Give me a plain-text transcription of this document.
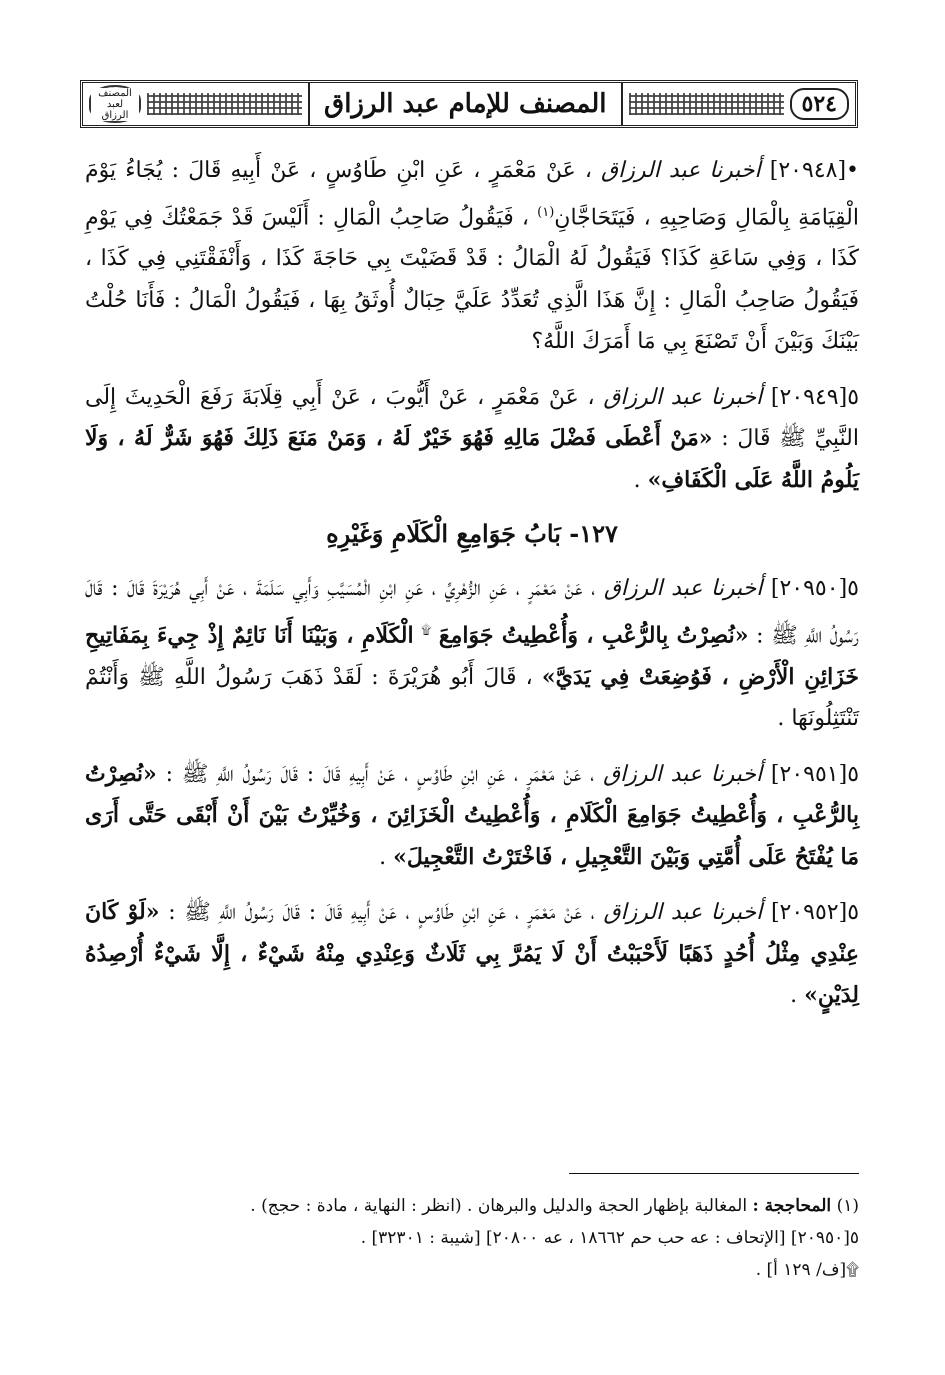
المصنف لعبد الرزاق	المصنف للإمام عبد الرزاق	٥٢٤

•[٢٠٩٤٨] أخبرنا عبد الرزاق ، عَنْ مَعْمَرٍ ، عَنِ ابْنِ طَاوُسٍ ، عَنْ أَبِيهِ قَالَ : يُجَاءُ يَوْمَ الْقِيَامَةِ بِالْمَالِ وَصَاحِبِهِ ، فَيَتَحَاجَّانِ$^{(١)}$ ، فَيَقُولُ صَاحِبُ الْمَالِ : أَلَيْسَ قَدْ جَمَعْتُكَ فِي يَوْمِ كَذَا ، وَفِي سَاعَةِ كَذَا؟ فَيَقُولُ لَهُ الْمَالُ : قَدْ قَضَيْتَ بِي حَاجَةَ كَذَا ، وَأَنْفَقْتَنِي فِي كَذَا ، فَيَقُولُ صَاحِبُ الْمَالِ : إِنَّ هَذَا الَّذِي تُعَدِّدُ عَلَيَّ حِبَالٌ أُوثَقُ بِهَا ، فَيَقُولُ الْمَالُ : فَأَنَا حُلْتُ بَيْنَكَ وَبَيْنَ أَنْ تَصْنَعَ بِي مَا أَمَرَكَ اللَّهُ؟

٥[٢٠٩٤٩] أخبرنا عبد الرزاق ، عَنْ مَعْمَرٍ ، عَنْ أَيُّوبَ ، عَنْ أَبِي قِلَابَةَ رَفَعَ الْحَدِيثَ إِلَى النَّبِيِّ ﷺ قَالَ : «مَنْ أَعْطَى فَضْلَ مَالِهِ فَهُوَ خَيْرٌ لَهُ ، وَمَنْ مَنَعَ ذَلِكَ فَهُوَ شَرٌّ لَهُ ، وَلَا يَلُومُ اللَّهُ عَلَى الْكَفَافِ» .

١٢٧- بَابُ جَوَامِعِ الْكَلَامِ وَغَيْرِهِ

٥[٢٠٩٥٠] أخبرنا عبد الرزاق ، عَنْ مَعْمَرٍ ، عَنِ الزُّهْرِيِّ ، عَنِ ابْنِ الْمُسَيَّبِ وَأَبِي سَلَمَةَ ، عَنْ أَبِي هُرَيْرَةَ قَالَ : قَالَ رَسُولُ اللَّهِ ﷺ : «نُصِرْتُ بِالرُّعْبِ ، وَأُعْطِيتُ جَوَامِعَ ۩ الْكَلَامِ ، وَبَيْنَا أَنَا نَائِمٌ إِذْ جِيءَ بِمَفَاتِيحِ خَزَائِنِ الْأَرْضِ ، فَوُضِعَتْ فِي يَدَيَّ» ، قَالَ أَبُو هُرَيْرَةَ : لَقَدْ ذَهَبَ رَسُولُ اللَّهِ ﷺ وَأَنْتُمْ تَنْتَثِلُونَهَا .

٥[٢٠٩٥١] أخبرنا عبد الرزاق ، عَنْ مَعْمَرٍ ، عَنِ ابْنِ طَاوُسٍ ، عَنْ أَبِيهِ قَالَ : قَالَ رَسُولُ اللَّهِ ﷺ : «نُصِرْتُ بِالرُّعْبِ ، وَأُعْطِيتُ جَوَامِعَ الْكَلَامِ ، وَأُعْطِيتُ الْخَزَائِنَ ، وَخُيِّرْتُ بَيْنَ أَنْ أَبْقَى حَتَّى أَرَى مَا يُفْتَحُ عَلَى أُمَّتِي وَبَيْنَ التَّعْجِيلِ ، فَاخْتَرْتُ التَّعْجِيلَ» .

٥[٢٠٩٥٢] أخبرنا عبد الرزاق ، عَنْ مَعْمَرٍ ، عَنِ ابْنِ طَاوُسٍ ، عَنْ أَبِيهِ قَالَ : قَالَ رَسُولُ اللَّهِ ﷺ : «لَوْ كَانَ عِنْدِي مِثْلُ أُحُدٍ ذَهَبًا لَأَحْبَبْتُ أَنْ لَا يَمُرَّ بِي ثَلَاثٌ وَعِنْدِي مِنْهُ شَيْءٌ ، إِلَّا شَيْءٌ أُرْصِدُهُ لِدَيْنٍ» .

(١) المحاججة : المغالبة بإظهار الحجة والدليل والبرهان . (انظر : النهاية ، مادة : حجج) .
٥[٢٠٩٥٠] [الإتحاف : عه حب حم ١٨٦٦٢ ، عه ٢٠٨٠٠] [شيبة : ٣٢٣٠١] .
۩[ف/ ١٢٩ أ] .
